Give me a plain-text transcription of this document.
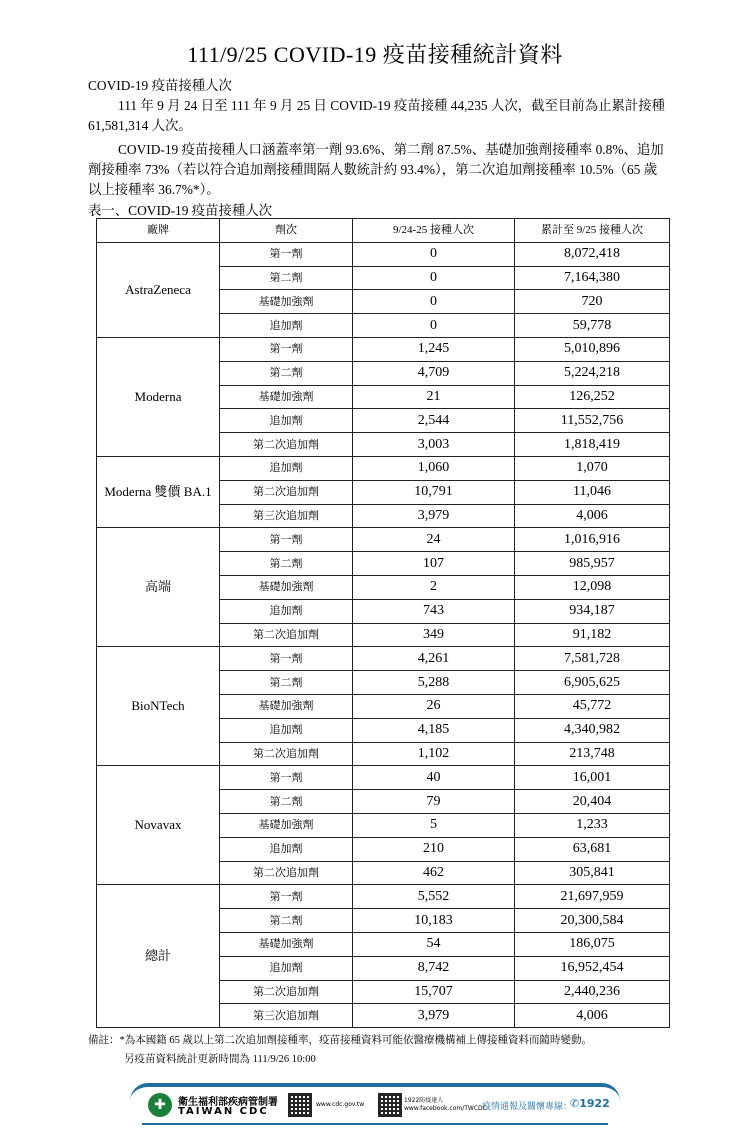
111/9/25 COVID-19 疫苗接種統計資料
COVID-19 疫苗接種人次
111 年 9 月 24 日至 111 年 9 月 25 日 COVID-19 疫苗接種 44,235 人次，截至目前為止累計接種 61,581,314 人次。
COVID-19 疫苗接種人口涵蓋率第一劑 93.6%、第二劑 87.5%、基礎加強劑接種率 0.8%、追加劑接種率 73%（若以符合追加劑接種間隔人數統計約 93.4%），第二次追加劑接種率 10.5%（65 歲以上接種率 36.7%*）。
表一、COVID-19 疫苗接種人次
廠牌	劑次	9/24-25 接種人次	累計至 9/25 接種人次
AstraZeneca	第一劑	0	8,072,418
	第二劑	0	7,164,380
	基礎加強劑	0	720
	追加劑	0	59,778
Moderna	第一劑	1,245	5,010,896
	第二劑	4,709	5,224,218
	基礎加強劑	21	126,252
	追加劑	2,544	11,552,756
	第二次追加劑	3,003	1,818,419
Moderna 雙價 BA.1	追加劑	1,060	1,070
	第二次追加劑	10,791	11,046
	第三次追加劑	3,979	4,006
高端	第一劑	24	1,016,916
	第二劑	107	985,957
	基礎加強劑	2	12,098
	追加劑	743	934,187
	第二次追加劑	349	91,182
BioNTech	第一劑	4,261	7,581,728
	第二劑	5,288	6,905,625
	基礎加強劑	26	45,772
	追加劑	4,185	4,340,982
	第二次追加劑	1,102	213,748
Novavax	第一劑	40	16,001
	第二劑	79	20,404
	基礎加強劑	5	1,233
	追加劑	210	63,681
	第二次追加劑	462	305,841
總計	第一劑	5,552	21,697,959
	第二劑	10,183	20,300,584
	基礎加強劑	54	186,075
	追加劑	8,742	16,952,454
	第二次追加劑	15,707	2,440,236
	第三次追加劑	3,979	4,006
備註：*為本國籍 65 歲以上第二次追加劑接種率，疫苗接種資料可能依醫療機構補上傳接種資料而隨時變動。
另疫苗資料統計更新時間為 111/9/26 10:00
✚	衛生福利部疾病管制署
TAIWAN CDC
www.cdc.gov.tw
1922防疫達人
www.facebook.com/TWCDC
疫情通報及關懷專線：
✆1922
